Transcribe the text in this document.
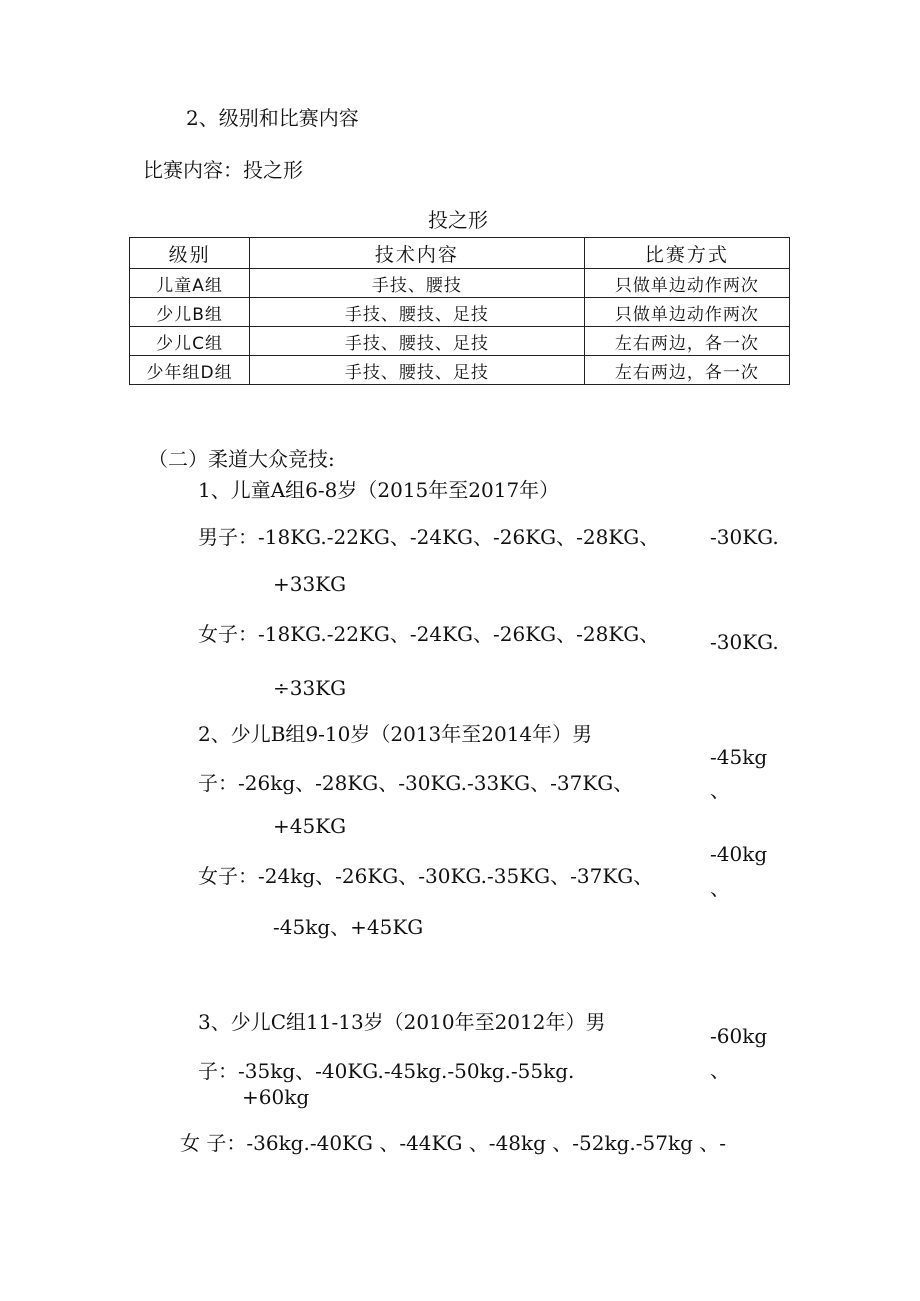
2、级别和比赛内容
比赛内容：投之形
投之形
级别	技术内容	比赛方式
儿童A组	手技、腰技	只做单边动作两次
少儿B组	手技、腰技、足技	只做单边动作两次
少儿C组	手技、腰技、足技	左右两边，各一次
少年组D组	手技、腰技、足技	左右两边，各一次
（二）柔道大众竞技:
1、儿童A组6-8岁（2015年至2017年）
男子：-18KG.-22KG、-24KG、-26KG、-28KG、	-30KG.
+33KG
女子：-18KG.-22KG、-24KG、-26KG、-28KG、	-30KG.
÷33KG
2、少儿B组9-10岁（2013年至2014年）男
-45kg
、
子：-26kg、-28KG、-30KG.-33KG、-37KG、
+45KG
-40kg
、
女子：-24kg、-26KG、-30KG.-35KG、-37KG、
-45kg、+45KG
3、少儿C组11-13岁（2010年至2012年）男
-60kg
、
子：-35kg、-40KG.-45kg.-50kg.-55kg.
+60kg
女 子：-36kg.-40KG 、-44KG 、-48kg 、-52kg.-57kg 、-
